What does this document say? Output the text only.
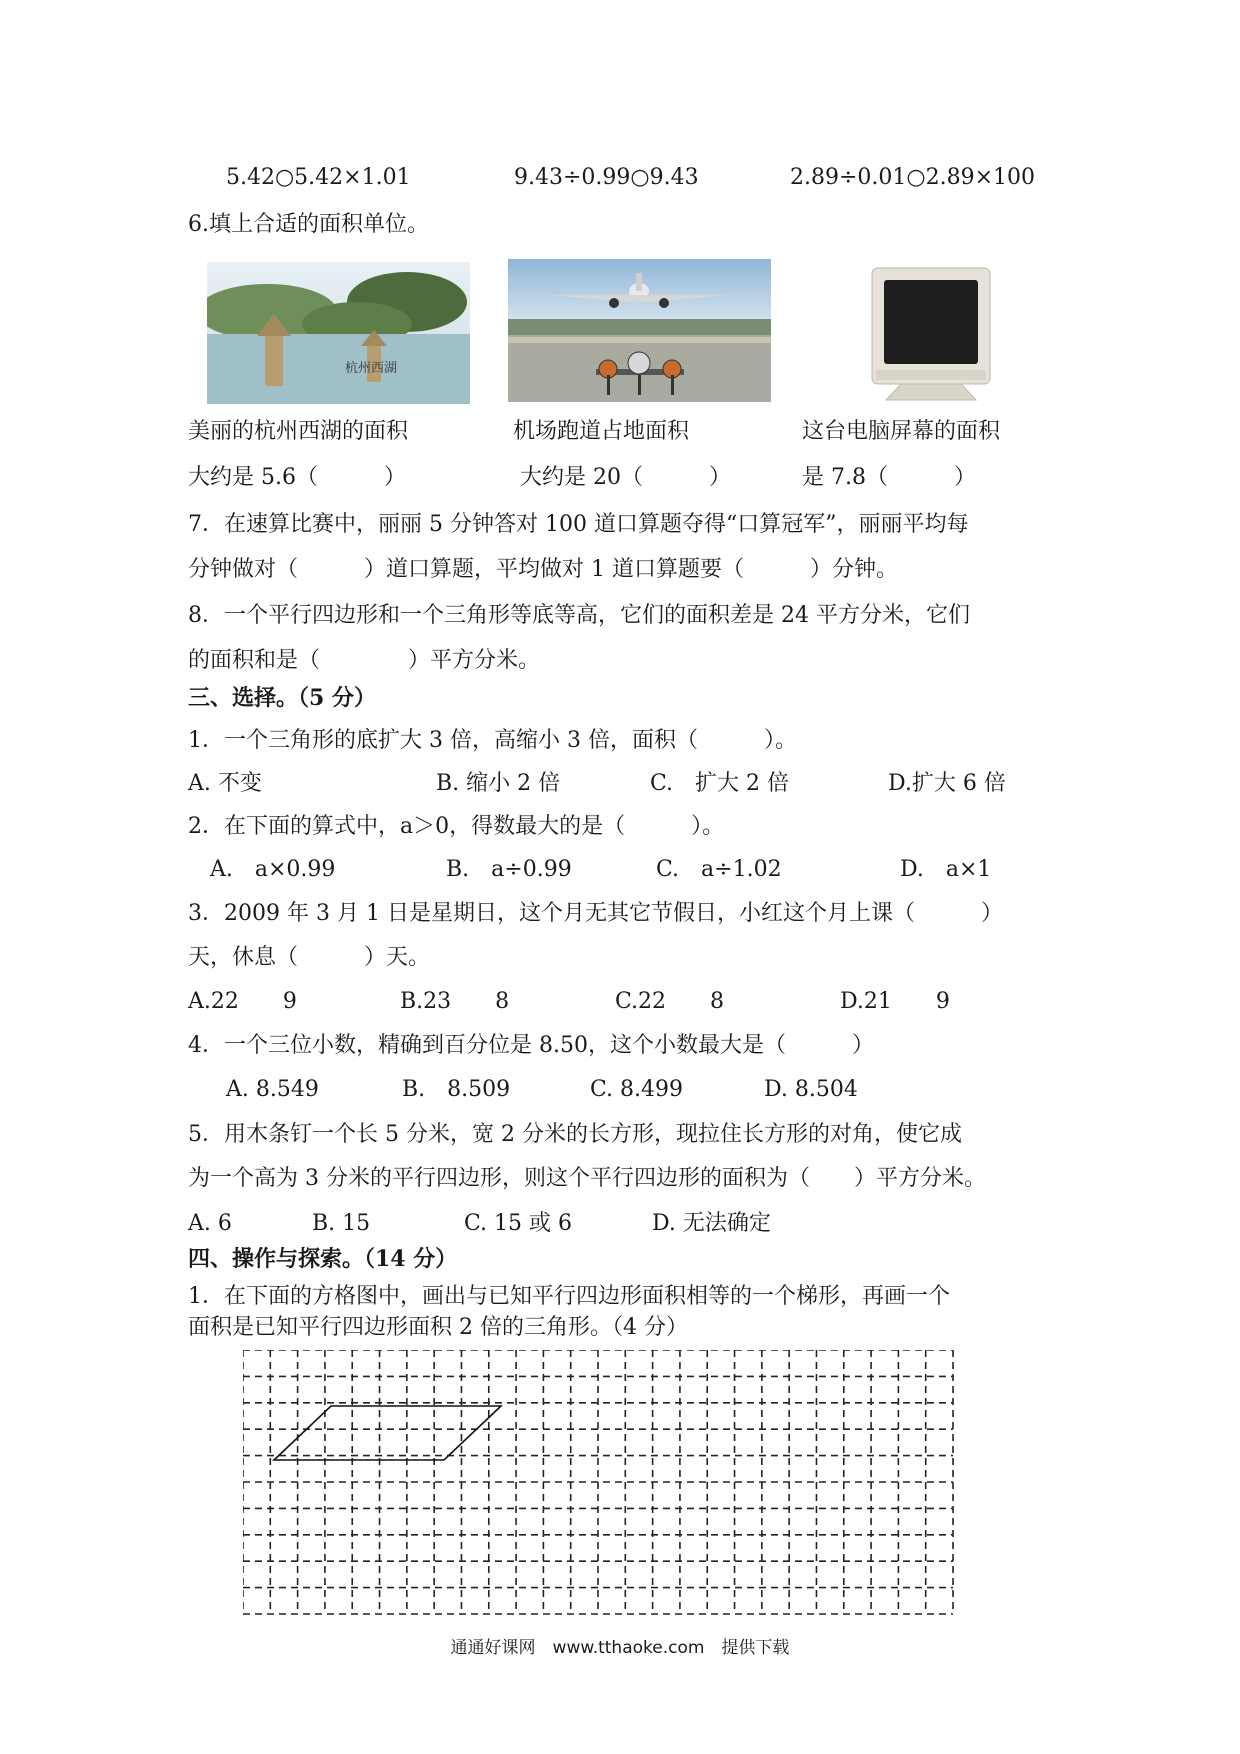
5.42○5.42×1.01	9.43÷0.99○9.43	2.89÷0.01○2.89×100
6.填上合适的面积单位。
杭州西湖
美丽的杭州西湖的面积	机场跑道占地面积	这台电脑屏幕的面积
大约是 5.6（　　　）	大约是 20（　　　）	是 7.8（　　　）
7．在速算比赛中，丽丽 5 分钟答对 100 道口算题夺得“口算冠军”，丽丽平均每
分钟做对（　　　）道口算题，平均做对 1 道口算题要（　　　）分钟。
8．一个平行四边形和一个三角形等底等高，它们的面积差是 24 平方分米，它们
的面积和是（　　　　）平方分米。
三、选择。（5 分）
1．一个三角形的底扩大 3 倍，高缩小 3 倍，面积（　　　）。
A. 不变	B. 缩小 2 倍	C.　扩大 2 倍	D.扩大 6 倍
2．在下面的算式中，a＞0，得数最大的是（　　　）。
A.　a×0.99	B.　a÷0.99	C.　a÷1.02	D.　a×1
3．2009 年 3 月 1 日是星期日，这个月无其它节假日，小红这个月上课（　　　）
天，休息（　　　）天。
A.22　　9	B.23　　8	C.22　　8	D.21　　9
4．一个三位小数，精确到百分位是 8.50，这个小数最大是（　　　）
A. 8.549	B.　8.509	C. 8.499	D. 8.504
5．用木条钉一个长 5 分米，宽 2 分米的长方形，现拉住长方形的对角，使它成
为一个高为 3 分米的平行四边形，则这个平行四边形的面积为（　　）平方分米。
A. 6	B. 15	C. 15 或 6	D. 无法确定
四、操作与探索。（14 分）
1．在下面的方格图中，画出与已知平行四边形面积相等的一个梯形，再画一个
面积是已知平行四边形面积 2 倍的三角形。（4 分）
通通好课网　www.tthaoke.com　提供下载
